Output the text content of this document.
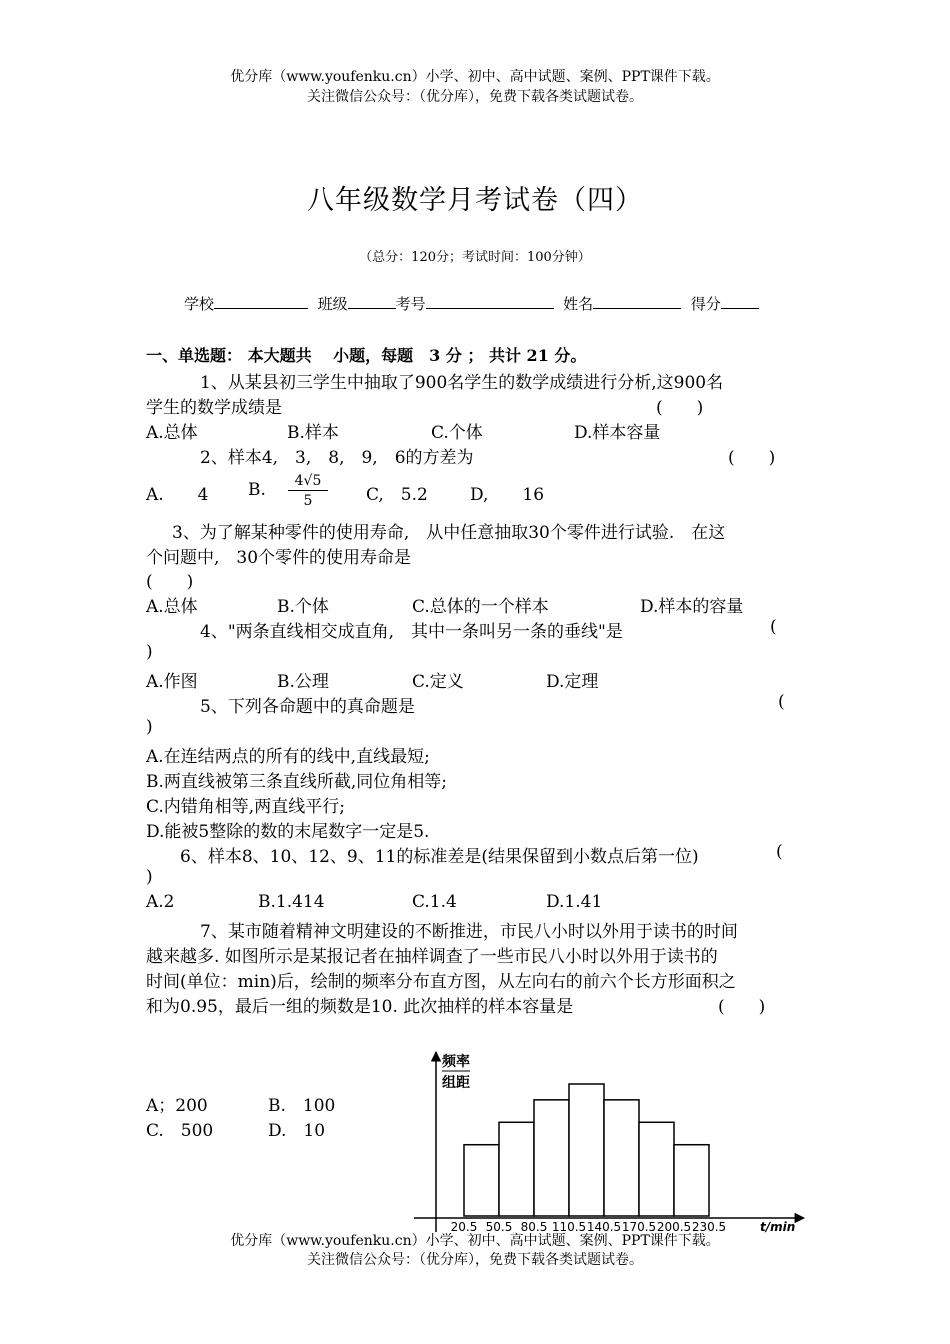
优分库（www.youfenku.cn）小学、初中、高中试题、案例、PPT课件下载。
关注微信公众号：（优分库），免费下载各类试题试卷。
八年级数学月考试卷（四）
（总分：120分；考试时间：100分钟）
学校	班级	考号	姓名	得分
一、单选题： 本大题共　 小题，每题　3 分 ； 共计 21 分。
1、从某县初三学生中抽取了900名学生的数学成绩进行分析,这900名
学生的数学成绩是	(　　)
A.总体	B.样本	C.个体	D.样本容量
2、样本4,　3,　8,　9,　6的方差为	(　　)
A.　　4 B. $\frac{4√5}{5} C$,　5.2 D,　　16
3、为了解某种零件的使用寿命,　从中任意抽取30个零件进行试验.　在这
个问题中,　30个零件的使用寿命是
(　　)
A.总体	B.个体	C.总体的一个样本	D.样本的容量
4、"两条直线相交成直角,　其中一条叫另一条的垂线"是	(
)
A.作图	B.公理	C.定义	D.定理
5、下列各命题中的真命题是	(
)
A.在连结两点的所有的线中,直线最短;
B.两直线被第三条直线所截,同位角相等;
C.内错角相等,两直线平行;
D.能被5整除的数的末尾数字一定是5.
6、样本8、10、12、9、11的标准差是(结果保留到小数点后第一位)	(
)
A.2	B.1.414	C.1.4	D.1.41
7、某市随着精神文明建设的不断推进，市民八小时以外用于读书的时间
越来越多. 如图所示是某报记者在抽样调查了一些市民八小时以外用于读书的
时间(单位：min)后，绘制的频率分布直方图，从左向右的前六个长方形面积之
和为0.95，最后一组的频数是10. 此次抽样的样本容量是	(　　)
A；200	B.　100
C.　500	D.　10
频率
组距
t/min
20.5 50.5 80.5 110.5 140.5 170.5 200.5 230.5
优分库（www.youfenku.cn）小学、初中、高中试题、案例、PPT课件下载。
关注微信公众号：（优分库），免费下载各类试题试卷。
